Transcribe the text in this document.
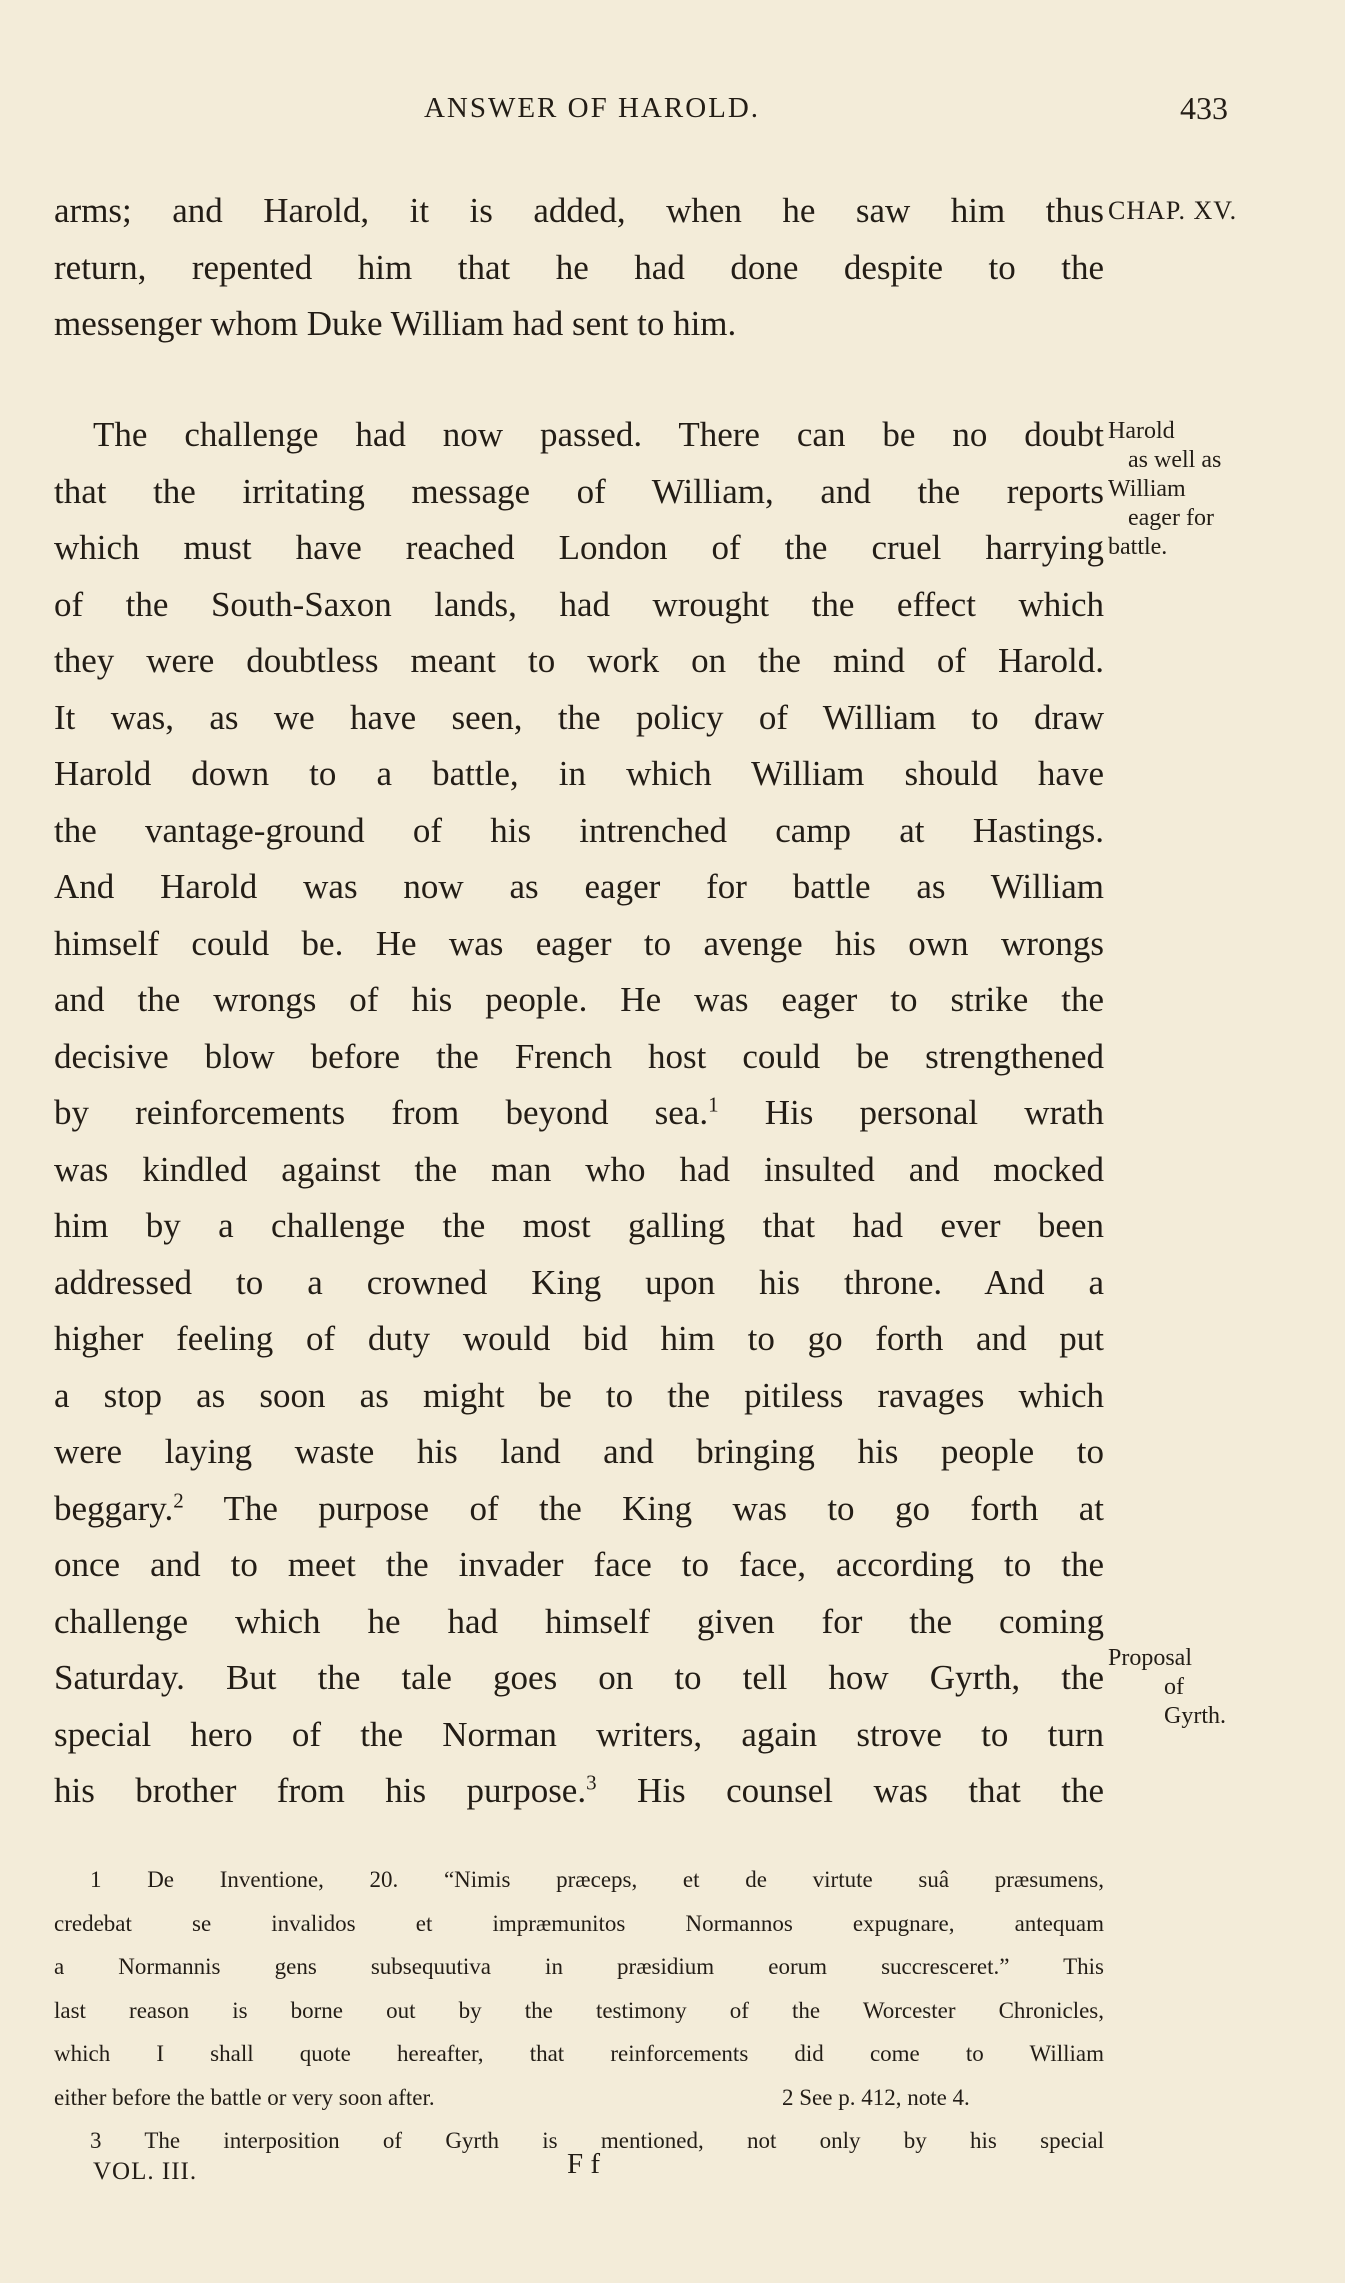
ANSWER OF HAROLD.	433
arms; and Harold, it is added, when he saw him thus
return, repented him that he had done despite to the
messenger whom Duke William had sent to him.
The challenge had now passed. There can be no doubt
that the irritating message of William, and the reports
which must have reached London of the cruel harrying
of the South-Saxon lands, had wrought the effect which
they were doubtless meant to work on the mind of Harold.
It was, as we have seen, the policy of William to draw
Harold down to a battle, in which William should have
the vantage-ground of his intrenched camp at Hastings.
And Harold was now as eager for battle as William
himself could be. He was eager to avenge his own wrongs
and the wrongs of his people. He was eager to strike the
decisive blow before the French host could be strengthened
by reinforcements from beyond sea.$^1$ His personal wrath
was kindled against the man who had insulted and mocked
him by a challenge the most galling that had ever been
addressed to a crowned King upon his throne. And a
higher feeling of duty would bid him to go forth and put
a stop as soon as might be to the pitiless ravages which
were laying waste his land and bringing his people to
beggary.$^2$ The purpose of the King was to go forth at
once and to meet the invader face to face, according to the
challenge which he had himself given for the coming
Saturday. But the tale goes on to tell how Gyrth, the
special hero of the Norman writers, again strove to turn
his brother from his purpose.$^3$ His counsel was that the
CHAP. XV.
Harold
as well as
William
eager for
battle.
Proposal
of Gyrth.
1 De Inventione, 20. “Nimis præceps, et de virtute suâ præsumens,
credebat se invalidos et impræmunitos Normannos expugnare, antequam
a Normannis gens subsequutiva in præsidium eorum succresceret.” This
last reason is borne out by the testimony of the Worcester Chronicles,
which I shall quote hereafter, that reinforcements did come to William
either before the battle or very soon after.	2 See p. 412, note 4.
3 The interposition of Gyrth is mentioned, not only by his special
VOL. III.	F f
